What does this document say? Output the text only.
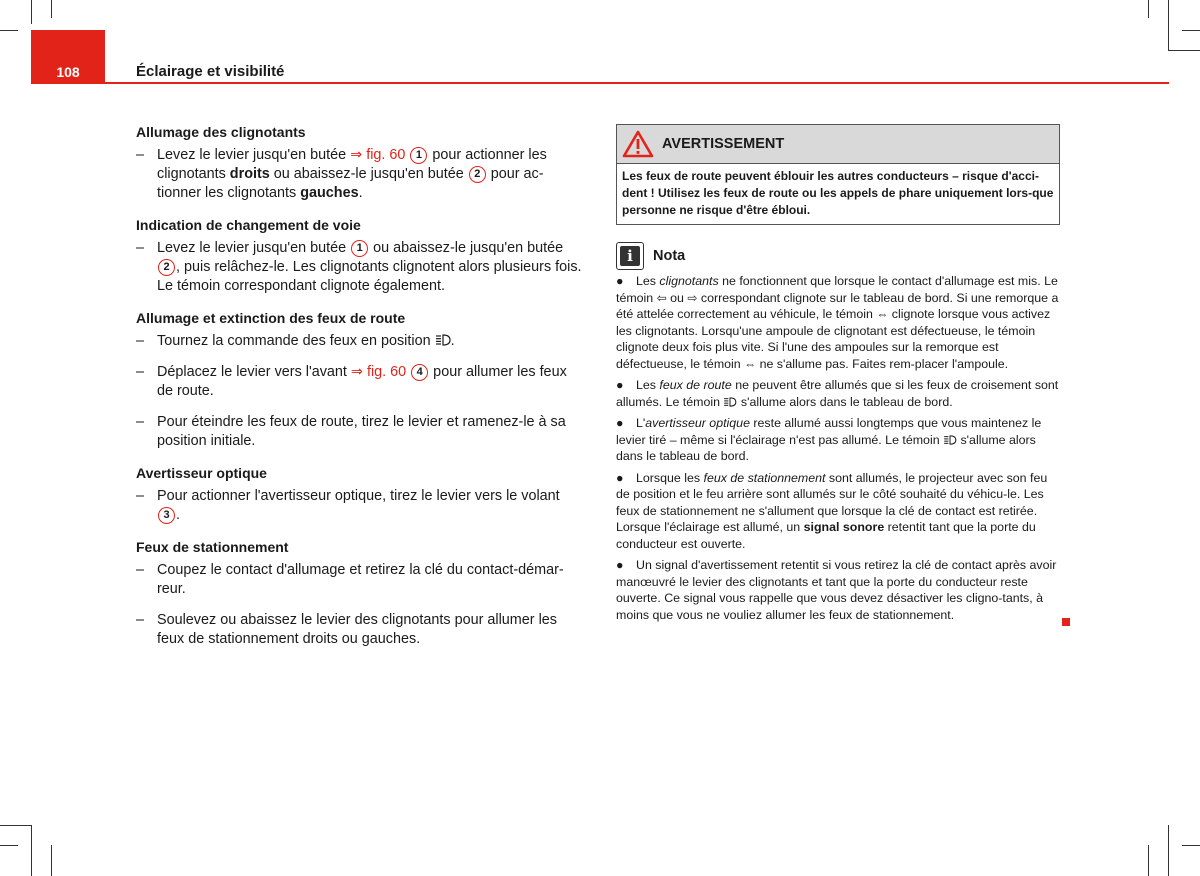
108	Éclairage et visibilité
Allumage des clignotants
– Levez le levier jusqu'en butée ⇒ fig. 60 1 pour actionner les clignotants droits ou abaissez-le jusqu'en butée 2 pour ac-tionner les clignotants gauches.
Indication de changement de voie
– Levez le levier jusqu'en butée 1 ou abaissez-le jusqu'en butée 2 , puis relâchez-le. Les clignotants clignotent alors plusieurs fois. Le témoin correspondant clignote également.
Allumage et extinction des feux de route
– Tournez la commande des feux en position .
– Déplacez le levier vers l'avant ⇒ fig. 60 4 pour allumer les feux de route.
– Pour éteindre les feux de route, tirez le levier et ramenez-le à sa position initiale.
Avertisseur optique
– Pour actionner l'avertisseur optique, tirez le levier vers le volant 3 .
Feux de stationnement
– Coupez le contact d'allumage et retirez la clé du contact-démar-reur.
– Soulevez ou abaissez le levier des clignotants pour allumer les feux de stationnement droits ou gauches.
AVERTISSEMENT
Les feux de route peuvent éblouir les autres conducteurs – risque d'acci-dent ! Utilisez les feux de route ou les appels de phare uniquement lors-que personne ne risque d'être ébloui.
i	Nota
● Les clignotants ne fonctionnent que lorsque le contact d'allumage est mis. Le témoin ⇦ ou ⇨ correspondant clignote sur le tableau de bord. Si une remorque a été attelée correctement au véhicule, le témoin ⇔ clignote lorsque vous activez les clignotants. Lorsqu'une ampoule de clignotant est défectueuse, le témoin clignote deux fois plus vite. Si l'une des ampoules sur la remorque est défectueuse, le témoin ⇔ ne s'allume pas. Faites rem-placer l'ampoule.
● Les feux de route ne peuvent être allumés que si les feux de croisement sont allumés. Le témoin  s'allume alors dans le tableau de bord.
● L'avertisseur optique reste allumé aussi longtemps que vous maintenez le levier tiré – même si l'éclairage n'est pas allumé. Le témoin  s'allume alors dans le tableau de bord.
● Lorsque les feux de stationnement sont allumés, le projecteur avec son feu de position et le feu arrière sont allumés sur le côté souhaité du véhicu-le. Les feux de stationnement ne s'allument que lorsque la clé de contact est retirée. Lorsque l'éclairage est allumé, un signal sonore retentit tant que la porte du conducteur est ouverte.
● Un signal d'avertissement retentit si vous retirez la clé de contact après avoir manœuvré le levier des clignotants et tant que la porte du conducteur reste ouverte. Ce signal vous rappelle que vous devez désactiver les cligno-tants, à moins que vous ne vouliez allumer les feux de stationnement.
